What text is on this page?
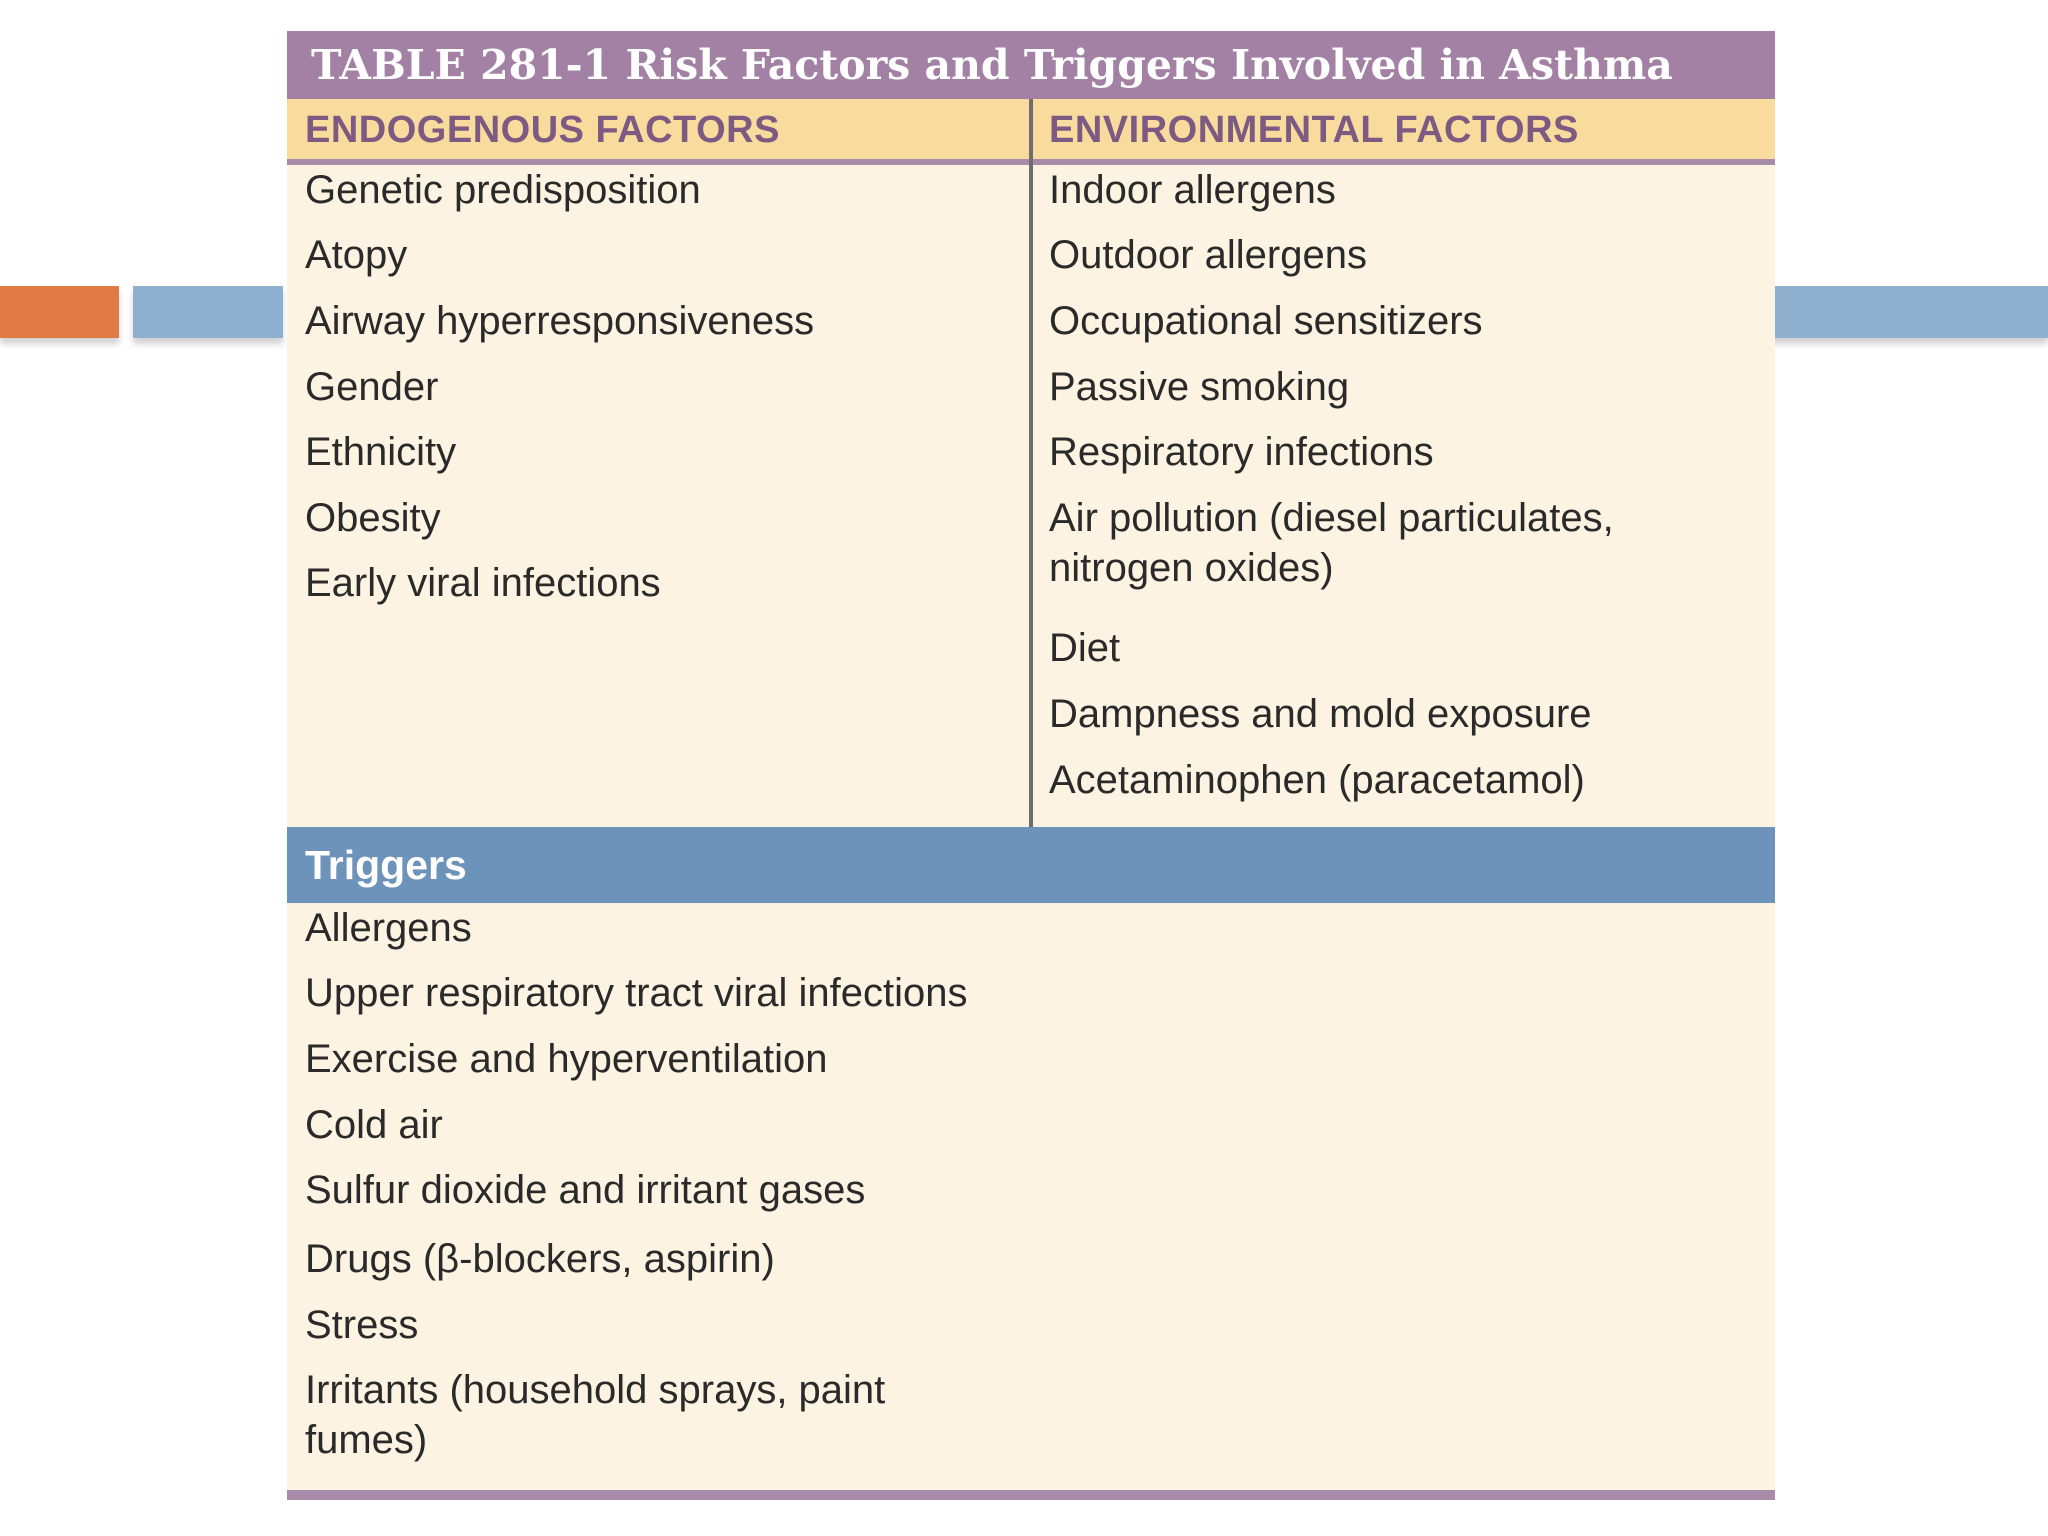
TABLE 281-1 Risk Factors and Triggers Involved in Asthma
ENDOGENOUS FACTORS	ENVIRONMENTAL FACTORS
Genetic predisposition
Atopy
Airway hyperresponsiveness
Gender
Ethnicity
Obesity
Early viral infections
Indoor allergens
Outdoor allergens
Occupational sensitizers
Passive smoking
Respiratory infections
Air pollution (diesel particulates, nitrogen oxides)
Diet
Dampness and mold exposure
Acetaminophen (paracetamol)
Triggers
Allergens
Upper respiratory tract viral infections
Exercise and hyperventilation
Cold air
Sulfur dioxide and irritant gases
Drugs (β-blockers, aspirin)
Stress
Irritants (household sprays, paint fumes)
